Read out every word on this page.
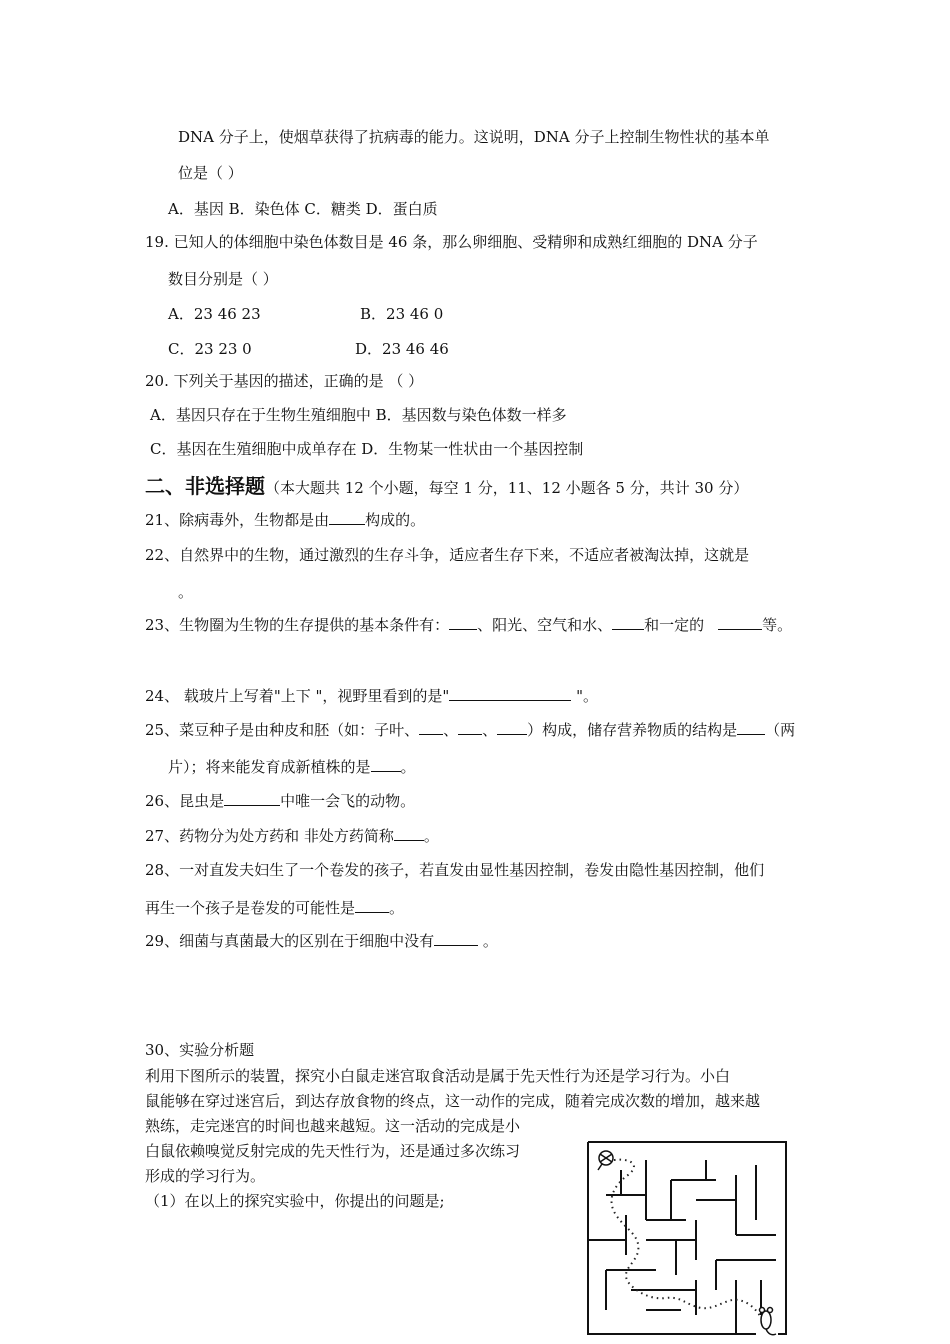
DNA 分子上，使烟草获得了抗病毒的能力。这说明，DNA 分子上控制生物性状的基本单
位是（ ）
A．基因 B．染色体 C．糖类 D．蛋白质
19. 已知人的体细胞中染色体数目是 46 条，那么卵细胞、受精卵和成熟红细胞的 DNA 分子
数目分别是（ ）
A．23 46 23	B．23 46 0
C．23 23 0	D．23 46 46
20. 下列关于基因的描述，正确的是 （ ）
A．基因只存在于生物生殖细胞中 B．基因数与染色体数一样多
C．基因在生殖细胞中成单存在 D．生物某一性状由一个基因控制
二、非选择题（本大题共 12 个小题，每空 1 分，11、12 小题各 5 分，共计 30 分）
21、除病毒外，生物都是由 构成的。
22、自然界中的生物，通过激烈的生存斗争，适应者生存下来，不适应者被淘汰掉，这就是
。
23、生物圈为生物的生存提供的基本条件有： 、阳光、空气和水、 和一定的	等。
24、 载玻片上写着"上下 "，视野里看到的是"	"。
25、菜豆种子是由种皮和胚（如：子叶、 、 、 ）构成，储存营养物质的结构是 （两
片）；将来能发育成新植株的是 。
26、昆虫是	中唯一会飞的动物。
27、药物分为处方药和 非处方药简称 。
28、一对直发夫妇生了一个卷发的孩子，若直发由显性基因控制，卷发由隐性基因控制，他们
再生一个孩子是卷发的可能性是 。
29、细菌与真菌最大的区别在于细胞中没有	。
30、实验分析题
利用下图所示的装置，探究小白鼠走迷宫取食活动是属于先天性行为还是学习行为。小白
鼠能够在穿过迷宫后，到达存放食物的终点，这一动作的完成，随着完成次数的增加，越来越
熟练，走完迷宫的时间也越来越短。这一活动的完成是小
白鼠依赖嗅觉反射完成的先天性行为，还是通过多次练习
形成的学习行为。
（1）在以上的探究实验中，你提出的问题是;
